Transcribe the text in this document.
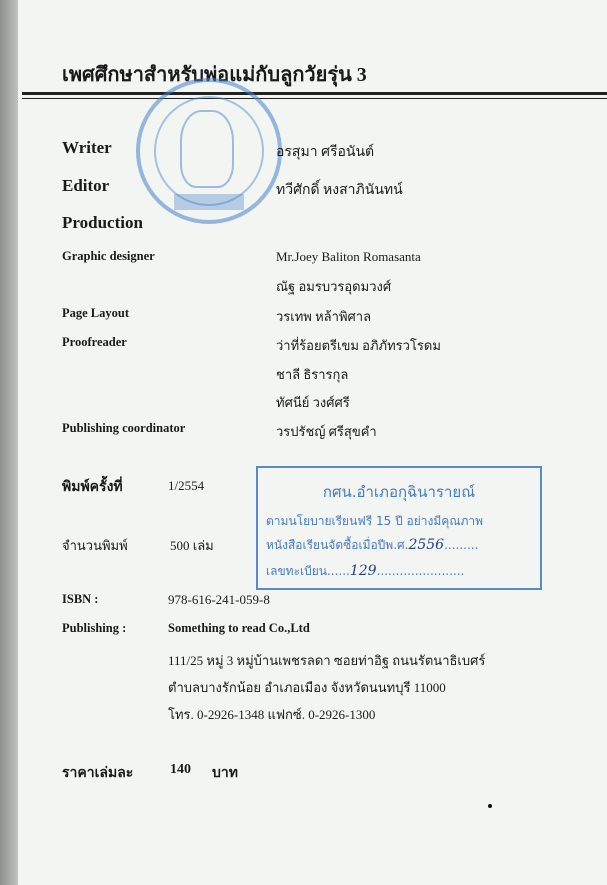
เพศศึกษาสำหรับพ่อแม่กับลูกวัยรุ่น 3
Writer	อรสุมา ศรีอนันต์
Editor	ทวีศักดิ์ หงสาภินันทน์
Production
Graphic designer	Mr.Joey Baliton Romasanta
ณัฐ อมรบวรอุดมวงศ์
Page Layout	วรเทพ หล้าพิศาล
Proofreader	ว่าที่ร้อยตรีเขม อภิภัทรวโรดม
ชาลี ธิรารกุล
ทัศนีย์ วงศ์ศรี
Publishing coordinator	วรปรัชญ์ ศรีสุขคำ
พิมพ์ครั้งที่	1/2554
จำนวนพิมพ์	500 เล่ม
กศน.อำเภอกุฉินารายณ์
ตามนโยบายเรียนฟรี 15 ปี อย่างมีคุณภาพ
หนังสือเรียนจัดซื้อเมื่อปีพ.ศ.2556.........
เลขทะเบียน......129.......................
ISBN :	978-616-241-059-8
Publishing :	Something to read Co.,Ltd
111/25 หมู่ 3 หมู่บ้านเพชรลดา ซอยท่าอิฐ ถนนรัตนาธิเบศร์
ตำบลบางรักน้อย อำเภอเมือง จังหวัดนนทบุรี 11000
โทร. 0-2926-1348 แฟกซ์. 0-2926-1300
ราคาเล่มละ	140 บาท
